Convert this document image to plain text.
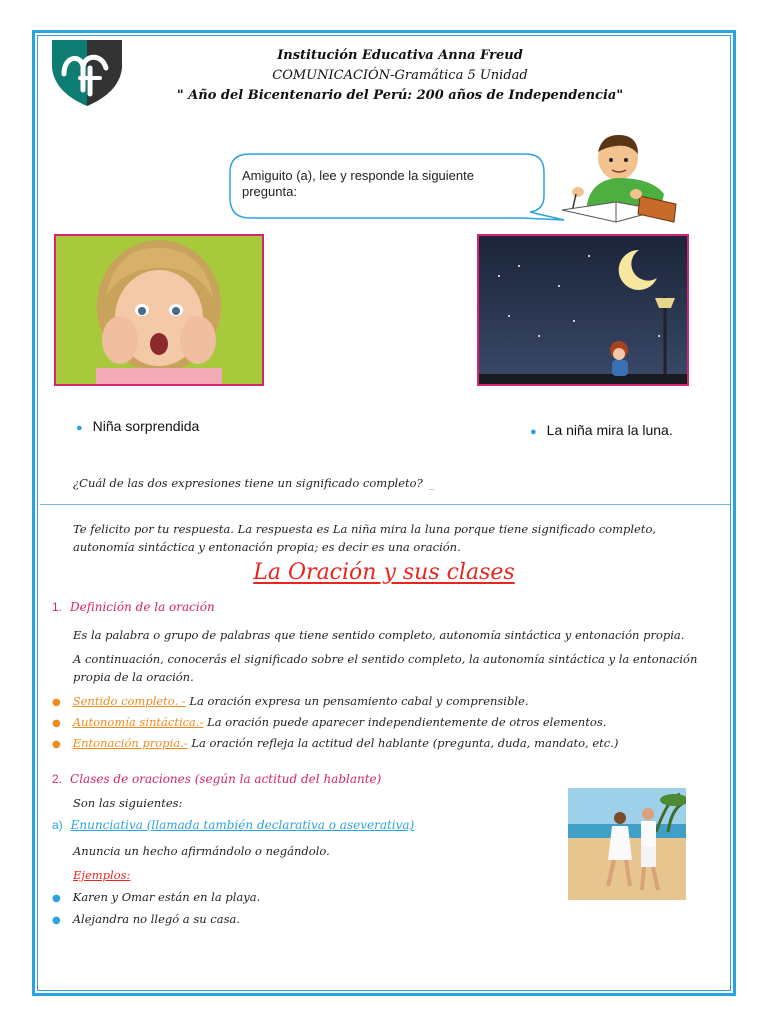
Institución Educativa Anna Freud
COMUNICACIÓN-Gramática 5 Unidad
" Año del Bicentenario del Perú: 200 años de Independencia"
Amiguito (a), lee y responde la siguiente pregunta:
● Niña sorprendida	● La niña mira la luna.
¿Cuál de las dos expresiones tiene un significado completo? _
Te felicito por tu respuesta. La respuesta es La niña mira la luna porque tiene significado completo, autonomía sintáctica y entonación propia; es decir es una oración.
La Oración y sus clases
1. Definición de la oración
Es la palabra o grupo de palabras que tiene sentido completo, autonomía sintáctica y entonación propia.
A continuación, conocerás el significado sobre el sentido completo, la autonomía sintáctica y la entonación propia de la oración.
● Sentido completo. - La oración expresa un pensamiento cabal y comprensible.
● Autonomía sintáctica.- La oración puede aparecer independientemente de otros elementos.
● Entonación propia.- La oración refleja la actitud del hablante (pregunta, duda, mandato, etc.)
2. Clases de oraciones (según la actitud del hablante)
Son las siguientes:
a) Enunciativa (llamada también declarativa o aseverativa)
Anuncia un hecho afirmándolo o negándolo.
Ejemplos:
● Karen y Omar están en la playa.
● Alejandra no llegó a su casa.
